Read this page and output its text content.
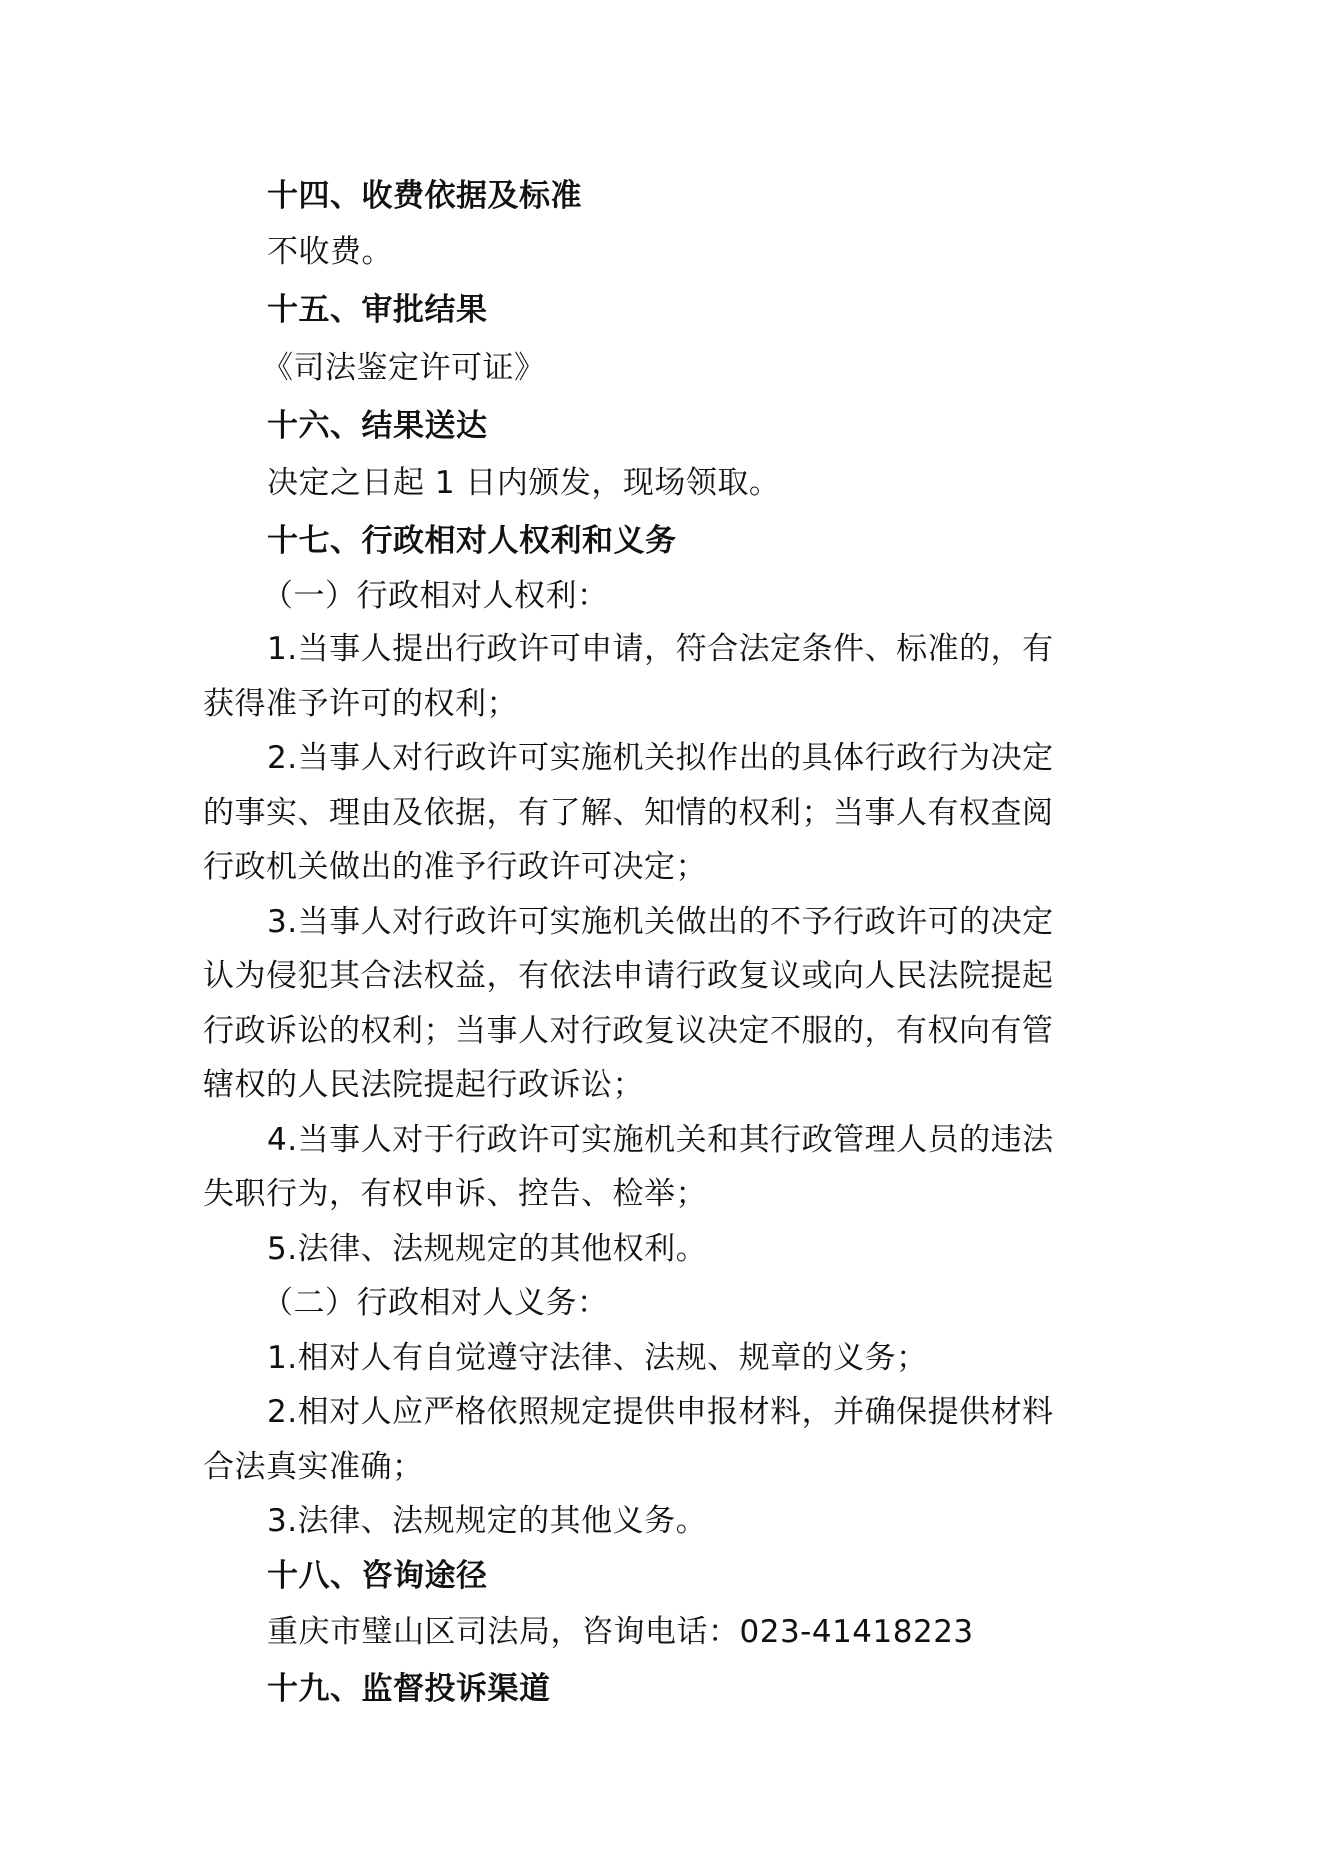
十四、收费依据及标准
不收费。
十五、审批结果
《司法鉴定许可证》
十六、结果送达
决定之日起 1 日内颁发，现场领取。
十七、行政相对人权利和义务
（一）行政相对人权利：
1.当事人提出行政许可申请，符合法定条件、标准的，有
获得准予许可的权利；
2.当事人对行政许可实施机关拟作出的具体行政行为决定
的事实、理由及依据，有了解、知情的权利；当事人有权查阅
行政机关做出的准予行政许可决定；
3.当事人对行政许可实施机关做出的不予行政许可的决定
认为侵犯其合法权益，有依法申请行政复议或向人民法院提起
行政诉讼的权利；当事人对行政复议决定不服的，有权向有管
辖权的人民法院提起行政诉讼；
4.当事人对于行政许可实施机关和其行政管理人员的违法
失职行为，有权申诉、控告、检举；
5.法律、法规规定的其他权利。
（二）行政相对人义务：
1.相对人有自觉遵守法律、法规、规章的义务；
2.相对人应严格依照规定提供申报材料，并确保提供材料
合法真实准确；
3.法律、法规规定的其他义务。
十八、咨询途径
重庆市璧山区司法局，咨询电话：023-41418223
十九、监督投诉渠道
